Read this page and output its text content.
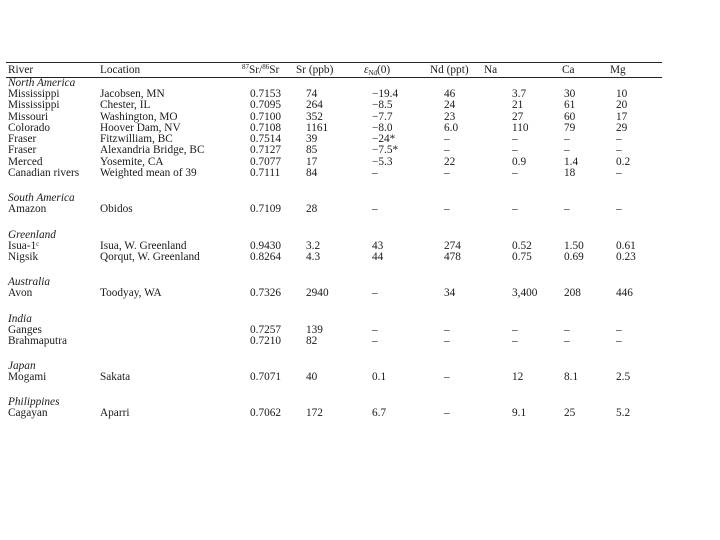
River	Location	$^{87}$Sr/$^{86}$Sr	Sr (ppb)	$\varepsilon_{Nd}(0)$	Nd (ppt)	Na	Ca	Mg
North America								
Mississippi	Jacobsen, MN	0.7153	74	−19.4	46	3.7	30	10
Mississippi	Chester, IL	0.7095	264	−8.5	24	21	61	20
Missouri	Washington, MO	0.7100	352	−7.7	23	27	60	17
Colorado	Hoover Dam, NV	0.7108	1161	−8.0	6.0	110	79	29
Fraser	Fitzwilliam, BC	0.7514	39	−24*	–	–	–	–
Fraser	Alexandria Bridge, BC	0.7127	85	−7.5*	–	–	–	–
Merced	Yosemite, CA	0.7077	17	−5.3	22	0.9	1.4	0.2
Canadian rivers	Weighted mean of 39	0.7111	84	–	–	–	18	–

South America								
Amazon	Obidos	0.7109	28	–	–	–	–	–

Greenland								
Isua-1ᶜ	Isua, W. Greenland	0.9430	3.2	43	274	0.52	1.50	0.61
Nigsik	Qorqut, W. Greenland	0.8264	4.3	44	478	0.75	0.69	0.23

Australia								
Avon	Toodyay, WA	0.7326	2940	–	34	3,400	208	446

India								
Ganges		0.7257	139	–	–	–	–	–
Brahmaputra		0.7210	82	–	–	–	–	–

Japan								
Mogami	Sakata	0.7071	40	0.1	–	12	8.1	2.5

Philippines								
Cagayan	Aparri	0.7062	172	6.7	–	9.1	25	5.2
